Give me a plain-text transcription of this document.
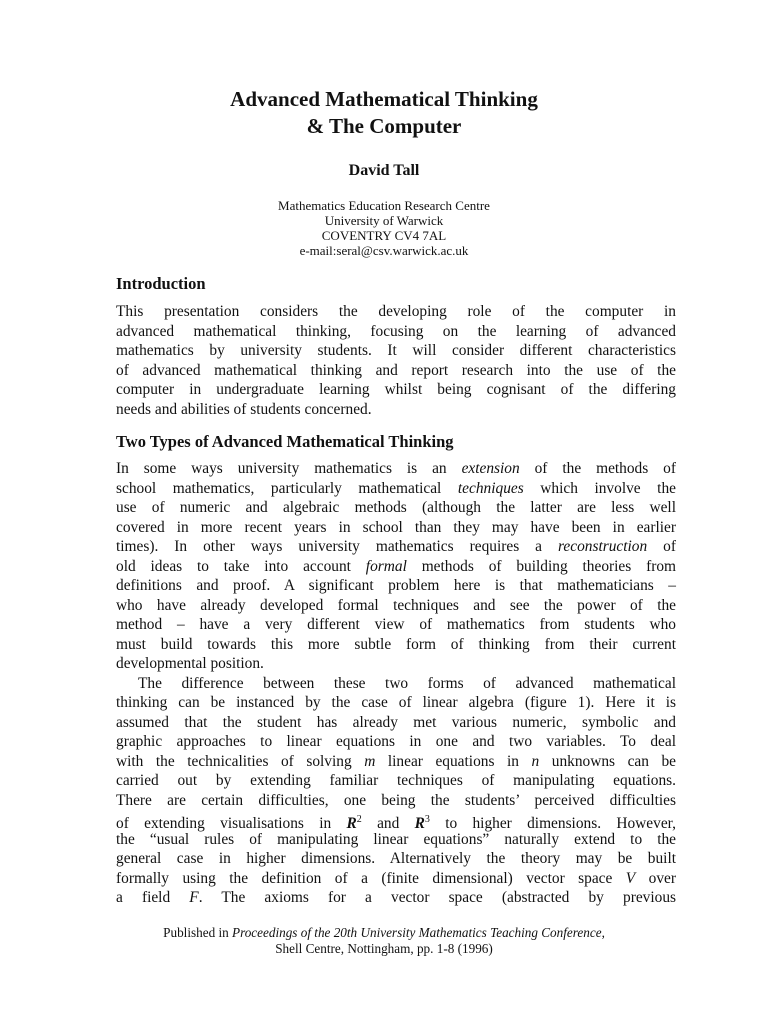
Advanced Mathematical Thinking
& The Computer
David Tall
Mathematics Education Research Centre
University of Warwick
COVENTRY CV4 7AL
e-mail:seral@csv.warwick.ac.uk
Introduction
This presentation considers the developing role of the computer in
advanced mathematical thinking, focusing on the learning of advanced
mathematics by university students. It will consider different characteristics
of advanced mathematical thinking and report research into the use of the
computer in undergraduate learning whilst being cognisant of the differing
needs and abilities of students concerned.
Two Types of Advanced Mathematical Thinking
In some ways university mathematics is an extension of the methods of
school mathematics, particularly mathematical techniques which involve the
use of numeric and algebraic methods (although the latter are less well
covered in more recent years in school than they may have been in earlier
times). In other ways university mathematics requires a reconstruction of
old ideas to take into account formal methods of building theories from
definitions and proof. A significant problem here is that mathematicians –
who have already developed formal techniques and see the power of the
method – have a very different view of mathematics from students who
must build towards this more subtle form of thinking from their current
developmental position.
The difference between these two forms of advanced mathematical
thinking can be instanced by the case of linear algebra (figure 1). Here it is
assumed that the student has already met various numeric, symbolic and
graphic approaches to linear equations in one and two variables. To deal
with the technicalities of solving m linear equations in n unknowns can be
carried out by extending familiar techniques of manipulating equations.
There are certain difficulties, one being the students’ perceived difficulties
of extending visualisations in $R^2$ and $R^3$ to higher dimensions. However,
the “usual rules of manipulating linear equations” naturally extend to the
general case in higher dimensions. Alternatively the theory may be built
formally using the definition of a (finite dimensional) vector space V over
a field F. The axioms for a vector space (abstracted by previous
Published in Proceedings of the 20th University Mathematics Teaching Conference,
Shell Centre, Nottingham, pp. 1-8 (1996)
